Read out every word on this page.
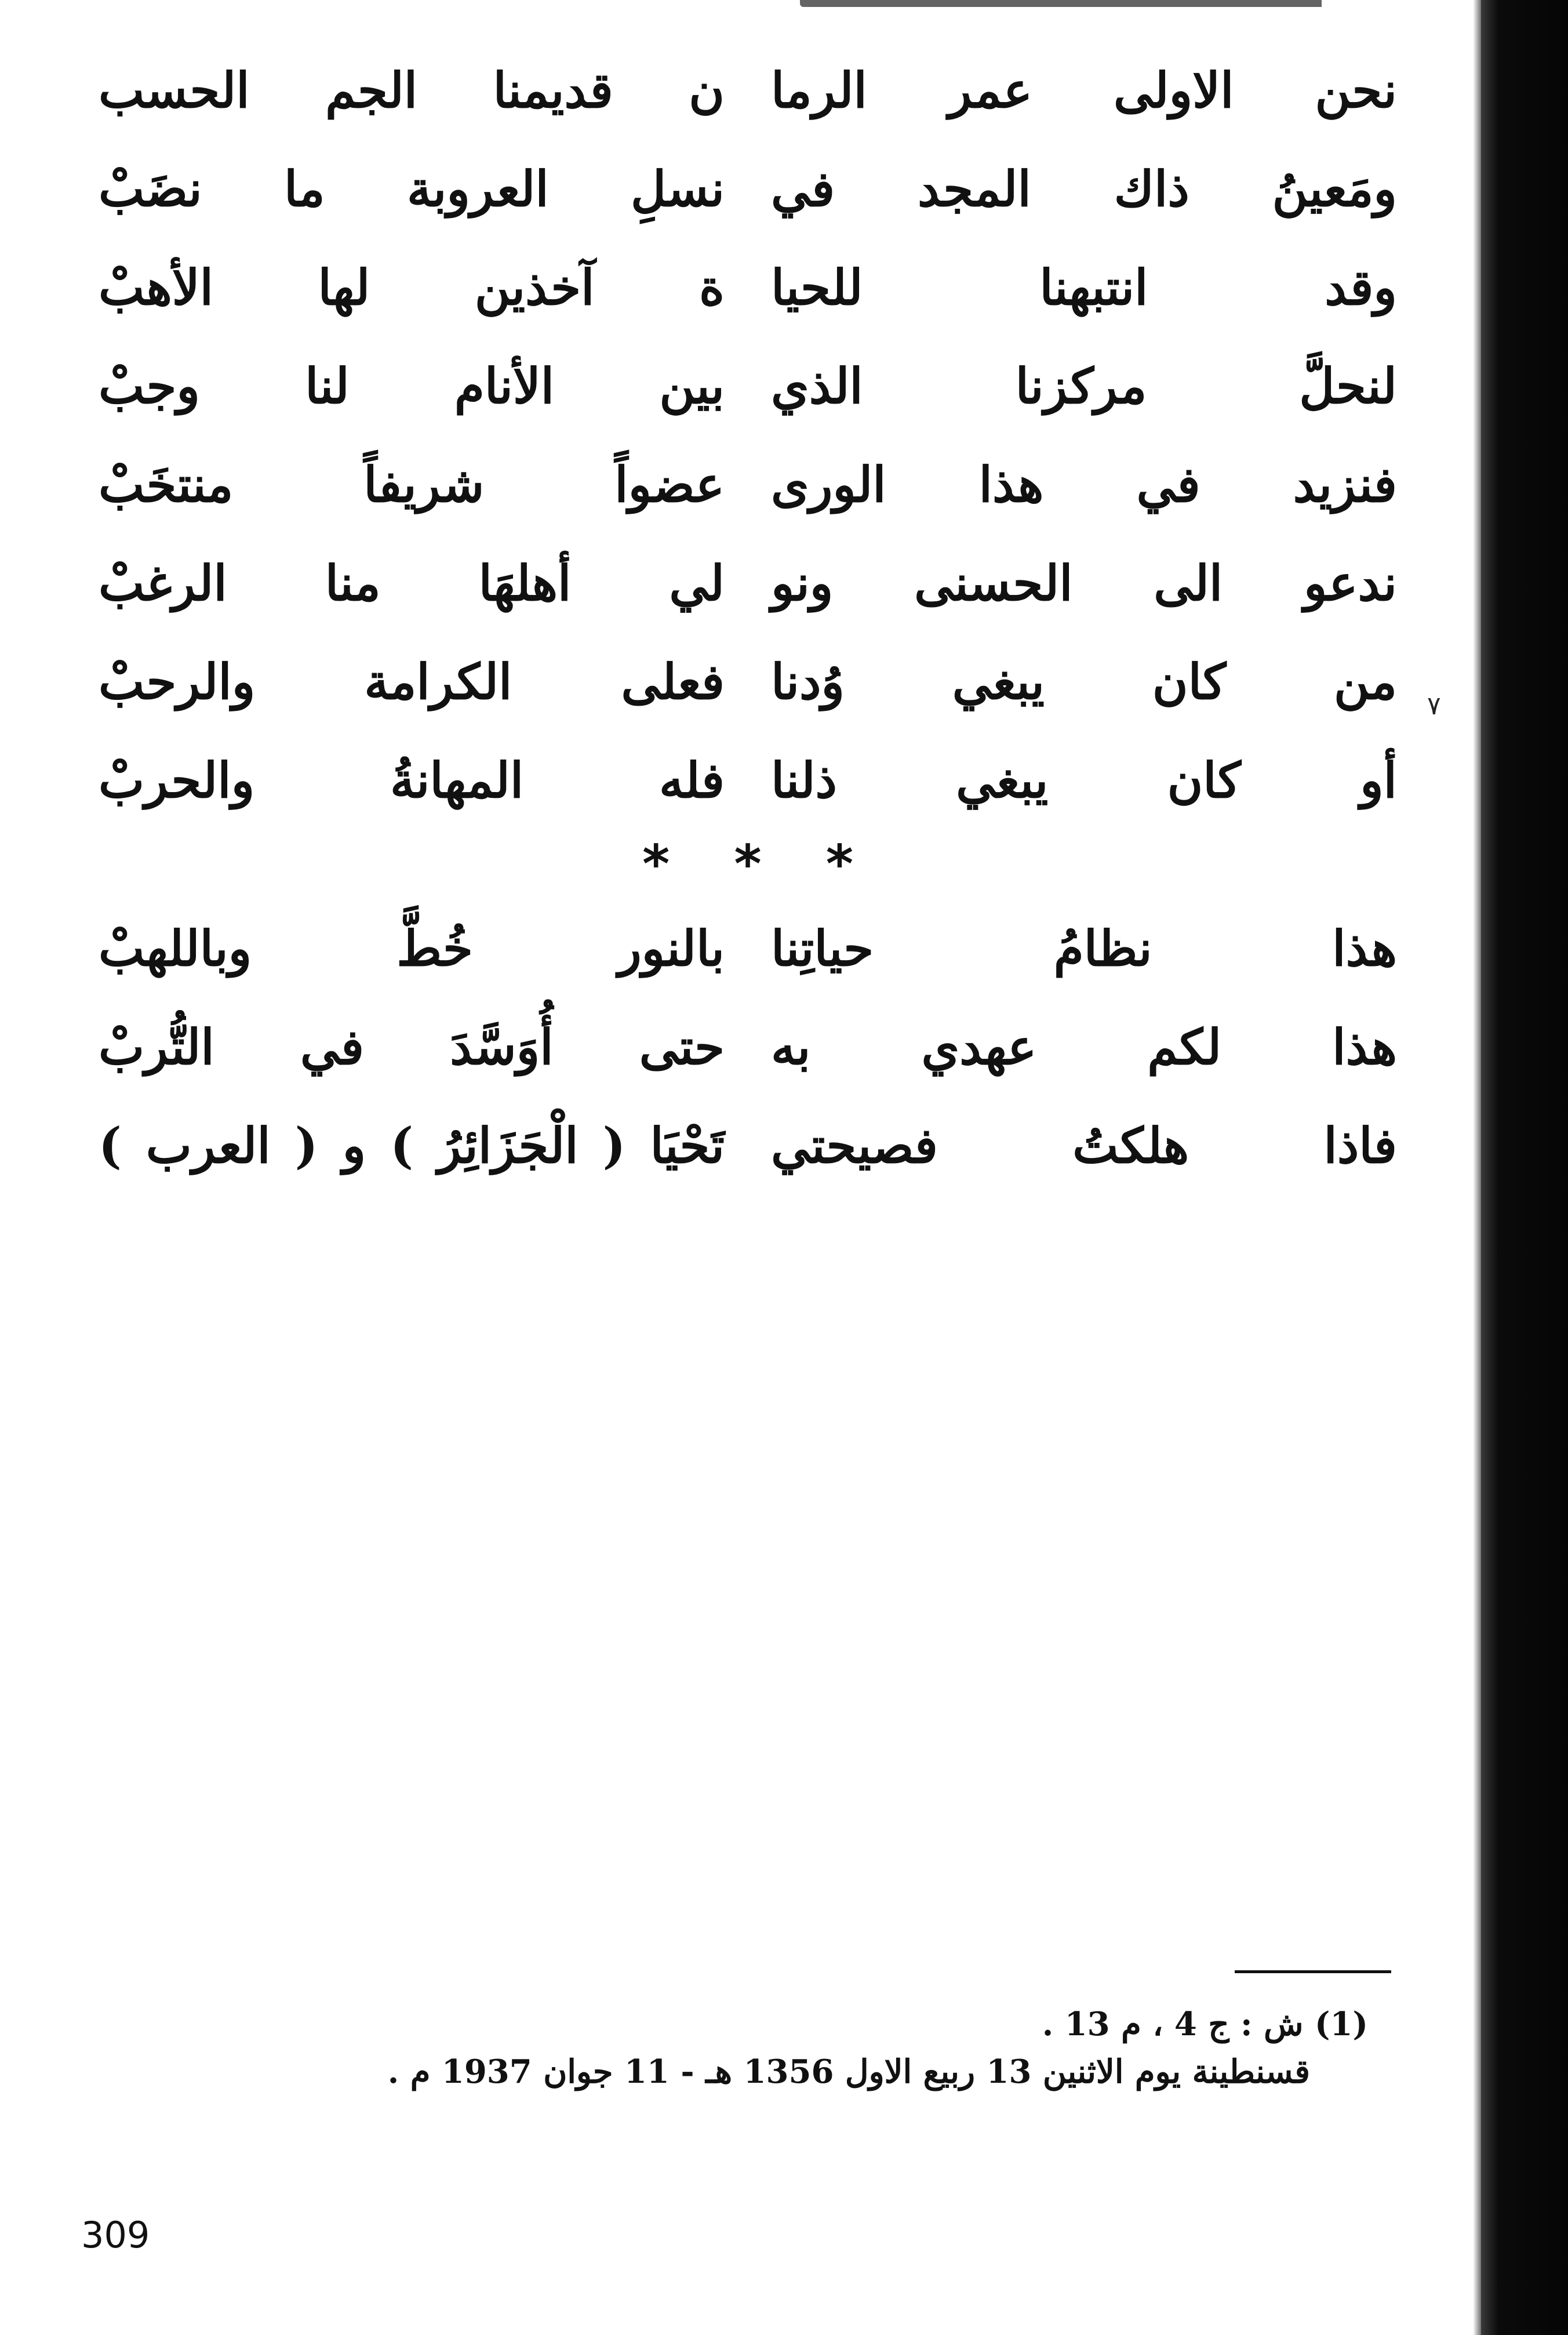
نحن الاولى عمر الرما
ن قديمنا الجم الحسب
ومَعينُ ذاك المجد في
نسلِ العروبة ما نضَبْ
وقد انتبهنا للحيا
ة آخذين لها الأهبْ
لنحلَّ مركزنا الذي
بين الأنام لنا وجبْ
فنزيد في هذا الورى
عضواً شريفاً منتخَبْ
ندعو الى الحسنى ونو
لي أهلهَا منا الرغبْ
من كان يبغي وُدنا
فعلى الكرامة والرحبْ
أو كان يبغي ذلنا
فله المهانةُ والحربْ
* * *
هذا نظامُ حياتِنا
بالنور خُطَّ وباللهبْ
هذا لكم عهدي به
حتى أُوَسَّدَ في التُّربْ
فاذا هلكتُ فصيحتي
تَحْيَا ( الْجَزَائِرُ ) و ( العرب )
٧
(1) ش : ج 4 ، م 13 .
قسنطينة يوم الاثنين 13 ربيع الاول 1356 هـ - 11 جوان 1937 م .
309
